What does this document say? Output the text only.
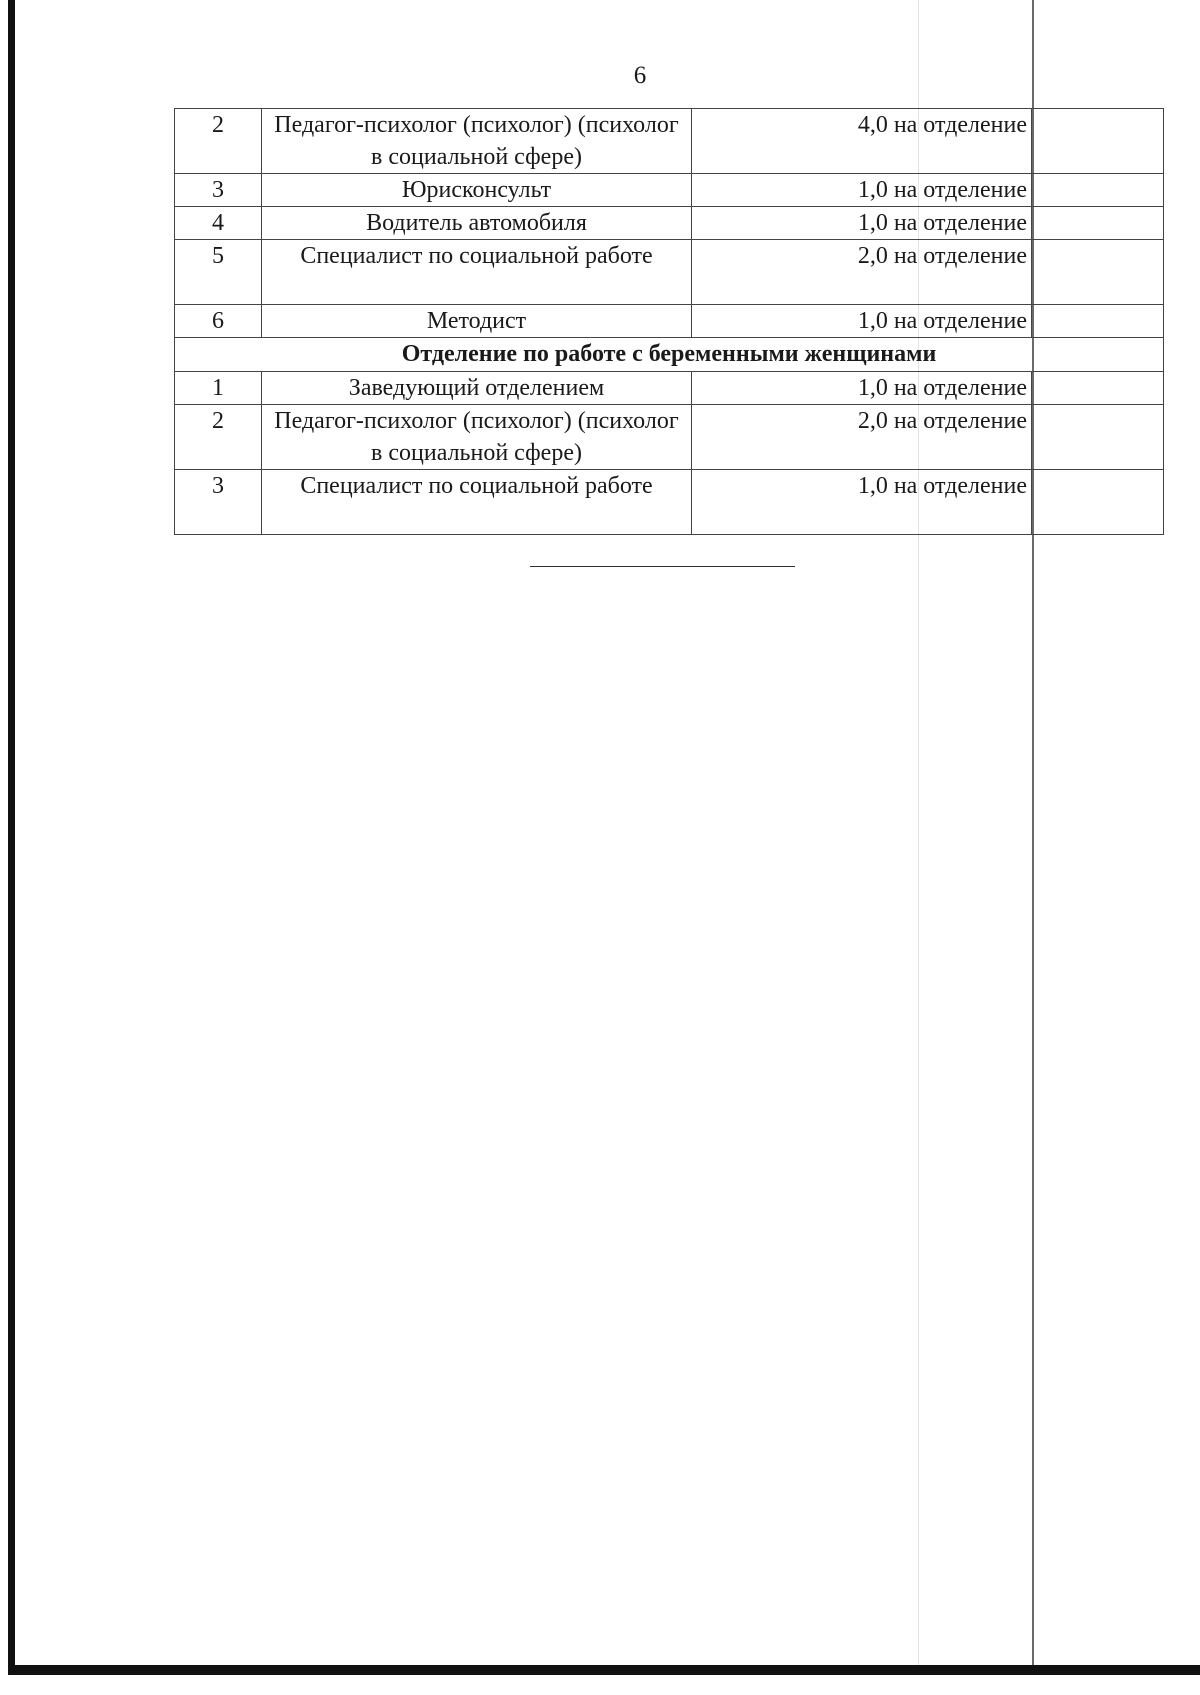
6
2	Педагог-психолог (психолог) (психолог в социальной сфере)	4,0 на отделение	
3	Юрисконсульт	1,0 на отделение	
4	Водитель автомобиля	1,0 на отделение	
5	Специалист по социальной работе	2,0 на отделение	
6	Методист	1,0 на отделение	
Отделение по работе с беременными женщинами			
1	Заведующий отделением	1,0 на отделение	
2	Педагог-психолог (психолог) (психолог в социальной сфере)	2,0 на отделение	
3	Специалист по социальной работе	1,0 на отделение	
